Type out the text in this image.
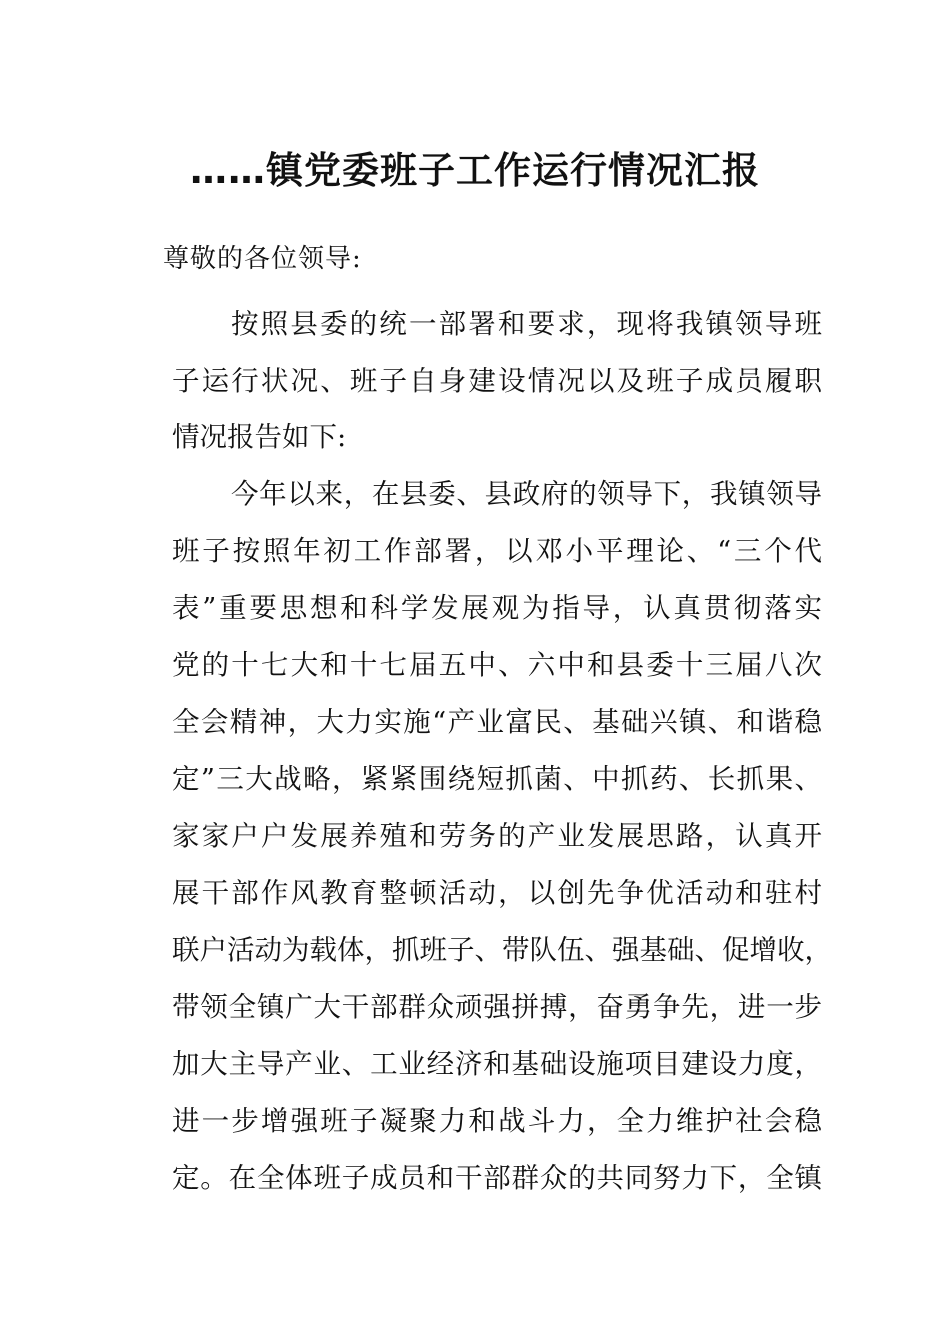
……镇党委班子工作运行情况汇报
尊敬的各位领导:
按照县委的统一部署和要求，现将我镇领导班
子运行状况、班子自身建设情况以及班子成员履职
情况报告如下:
今年以来，在县委、县政府的领导下，我镇领导
班子按照年初工作部署，以邓小平理论、“三个代
表”重要思想和科学发展观为指导，认真贯彻落实
党的十七大和十七届五中、六中和县委十三届八次
全会精神，大力实施“产业富民、基础兴镇、和谐稳
定”三大战略，紧紧围绕短抓菌、中抓药、长抓果、
家家户户发展养殖和劳务的产业发展思路，认真开
展干部作风教育整顿活动，以创先争优活动和驻村
联户活动为载体，抓班子、带队伍、强基础、促增收，
带领全镇广大干部群众顽强拼搏，奋勇争先，进一步
加大主导产业、工业经济和基础设施项目建设力度，
进一步增强班子凝聚力和战斗力，全力维护社会稳
定。在全体班子成员和干部群众的共同努力下，全镇
